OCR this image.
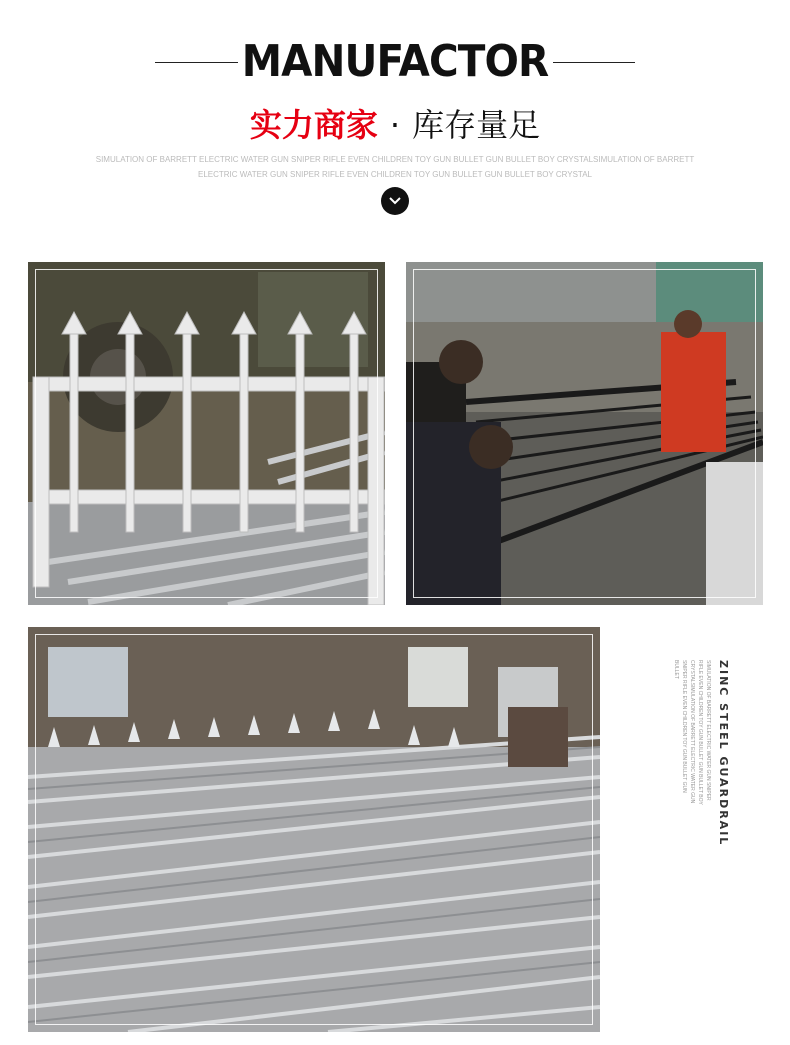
MANUFACTOR
实力商家 · 库存量足
SIMULATION OF BARRETT ELECTRIC WATER GUN SNIPER RIFLE EVEN CHILDREN TOY GUN BULLET GUN BULLET BOY CRYSTALSIMULATION OF BARRETT ELECTRIC WATER GUN SNIPER RIFLE EVEN CHILDREN TOY GUN BULLET GUN BULLET BOY CRYSTAL
ZINC STEEL GUARDRAIL
SIMULATION OF BARRETT ELECTRIC WATER GUN SNIPER RIFLE EVEN CHILDREN TOY GUN BULLET GUN BULLET BOY CRYSTALSIMULATION OF BARRETT ELECTRIC WATER GUN SNIPER RIFLE EVEN CHILDREN TOY GUN BULLET GUN BULLET
